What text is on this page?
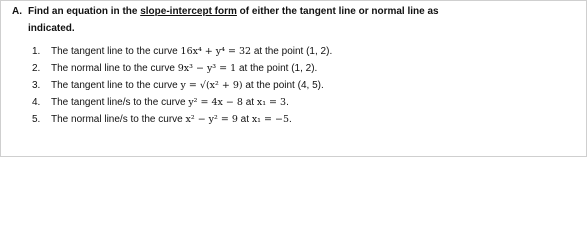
A. Find an equation in the slope-intercept form of either the tangent line or normal line as
indicated.
1.	The tangent line to the curve 16x⁴ + y⁴ = 32 at the point (1, 2).
2.	The normal line to the curve 9x³ − y³ = 1 at the point (1, 2).
3.	The tangent line to the curve y = √(x² + 9) at the point (4, 5).
4.	The tangent line/s to the curve y² = 4x − 8 at x₁ = 3.
5.	The normal line/s to the curve x² − y² = 9 at x₁ = −5.
